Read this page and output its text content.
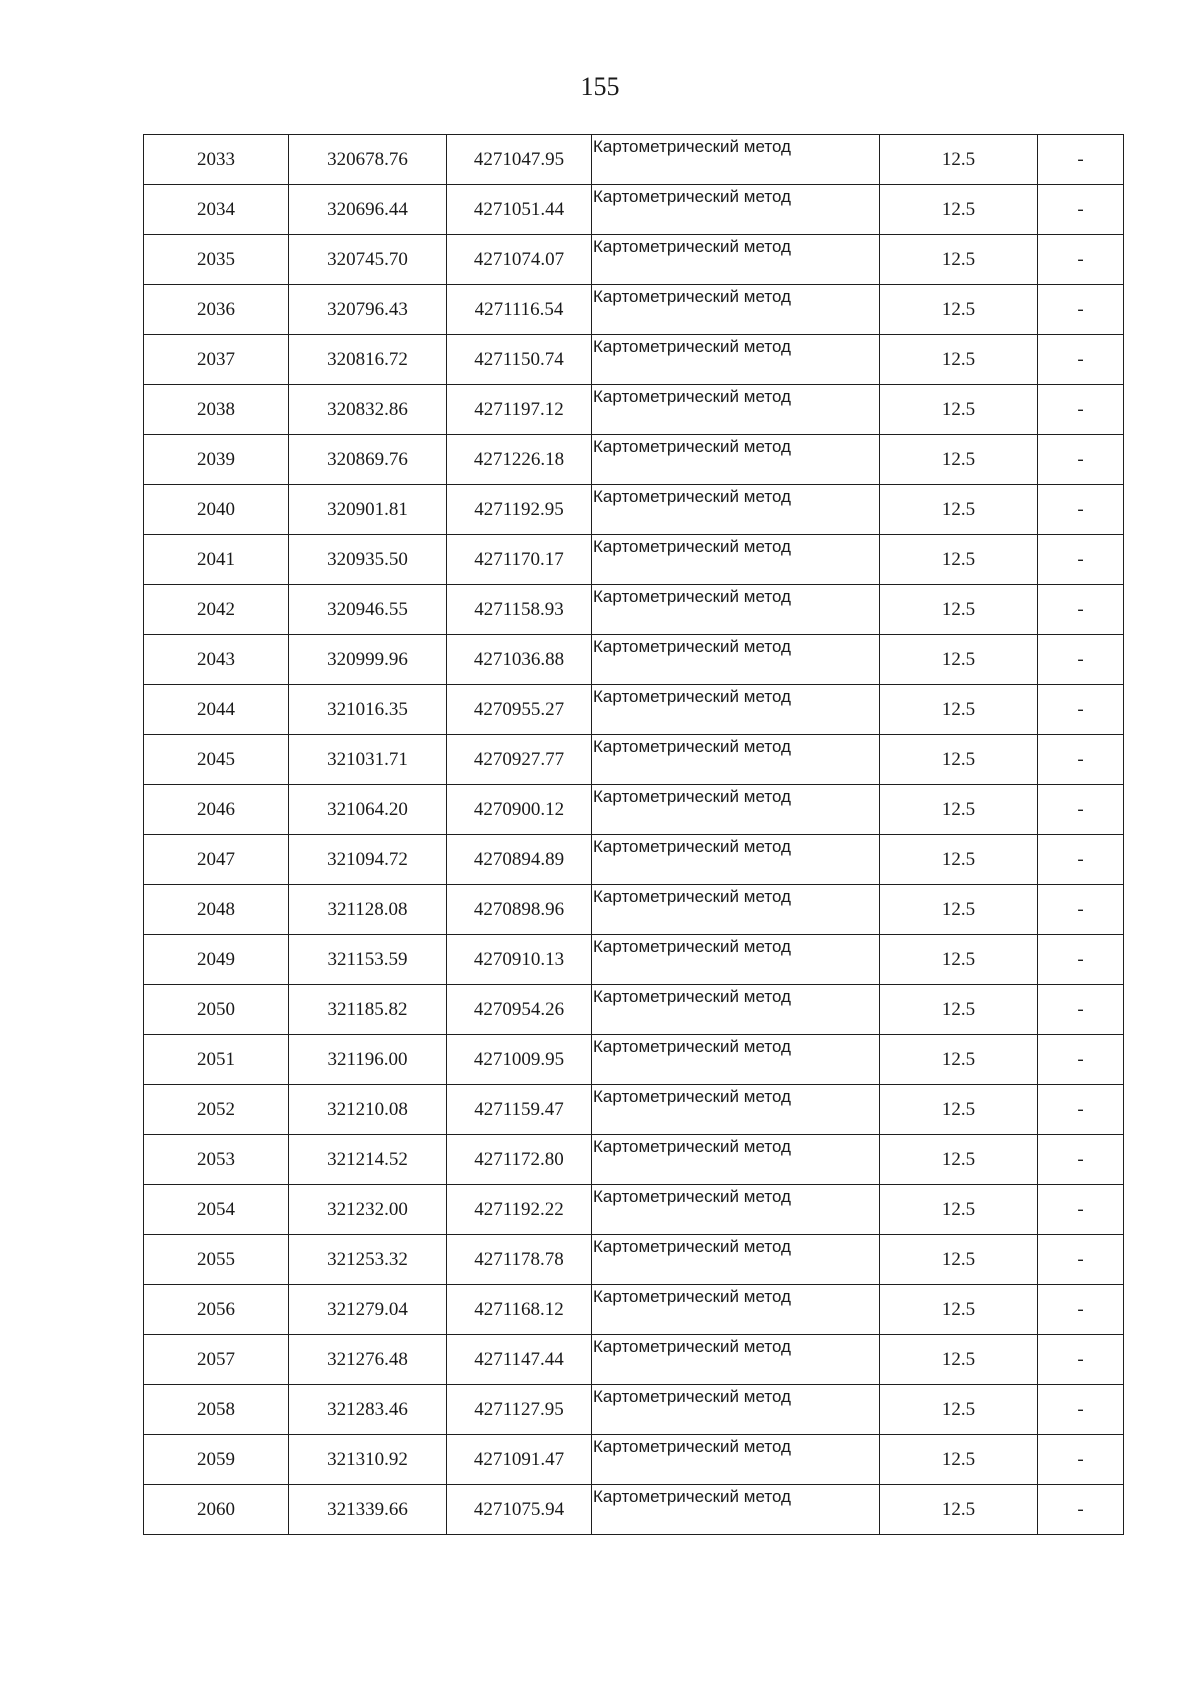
155
2033	320678.76	4271047.95	Картометрический метод	12.5	-
2034	320696.44	4271051.44	Картометрический метод	12.5	-
2035	320745.70	4271074.07	Картометрический метод	12.5	-
2036	320796.43	4271116.54	Картометрический метод	12.5	-
2037	320816.72	4271150.74	Картометрический метод	12.5	-
2038	320832.86	4271197.12	Картометрический метод	12.5	-
2039	320869.76	4271226.18	Картометрический метод	12.5	-
2040	320901.81	4271192.95	Картометрический метод	12.5	-
2041	320935.50	4271170.17	Картометрический метод	12.5	-
2042	320946.55	4271158.93	Картометрический метод	12.5	-
2043	320999.96	4271036.88	Картометрический метод	12.5	-
2044	321016.35	4270955.27	Картометрический метод	12.5	-
2045	321031.71	4270927.77	Картометрический метод	12.5	-
2046	321064.20	4270900.12	Картометрический метод	12.5	-
2047	321094.72	4270894.89	Картометрический метод	12.5	-
2048	321128.08	4270898.96	Картометрический метод	12.5	-
2049	321153.59	4270910.13	Картометрический метод	12.5	-
2050	321185.82	4270954.26	Картометрический метод	12.5	-
2051	321196.00	4271009.95	Картометрический метод	12.5	-
2052	321210.08	4271159.47	Картометрический метод	12.5	-
2053	321214.52	4271172.80	Картометрический метод	12.5	-
2054	321232.00	4271192.22	Картометрический метод	12.5	-
2055	321253.32	4271178.78	Картометрический метод	12.5	-
2056	321279.04	4271168.12	Картометрический метод	12.5	-
2057	321276.48	4271147.44	Картометрический метод	12.5	-
2058	321283.46	4271127.95	Картометрический метод	12.5	-
2059	321310.92	4271091.47	Картометрический метод	12.5	-
2060	321339.66	4271075.94	Картометрический метод	12.5	-
